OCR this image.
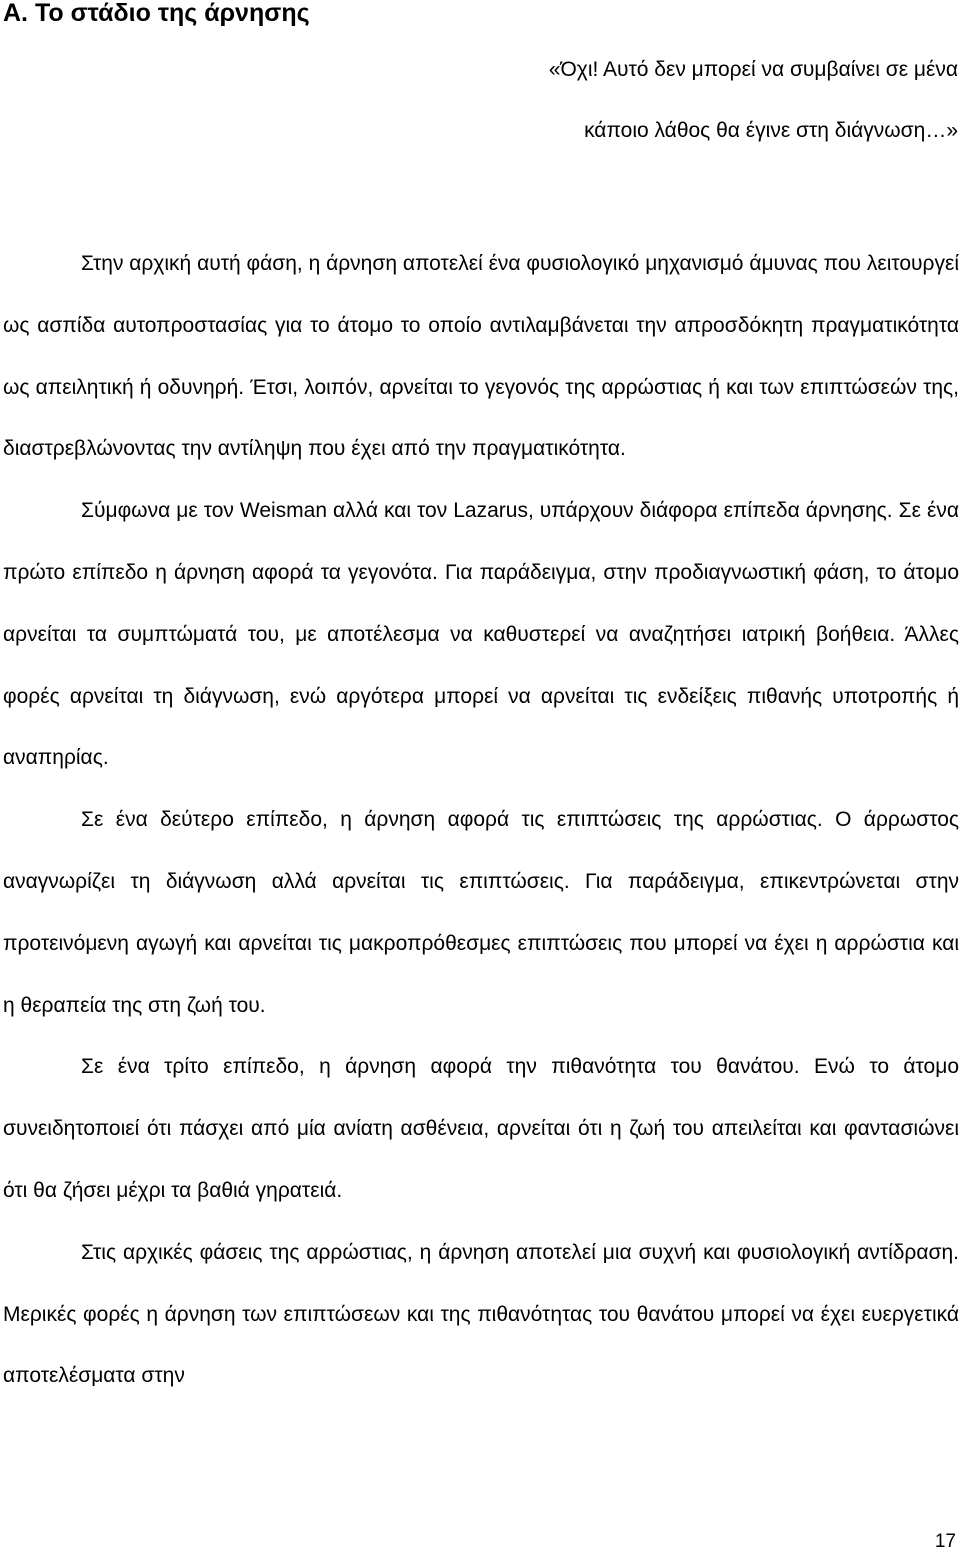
Α. Το στάδιο της άρνησης
«Όχι! Αυτό δεν μπορεί να συμβαίνει σε μένα
κάποιο λάθος θα έγινε στη διάγνωση…»

Στην αρχική αυτή φάση, η άρνηση αποτελεί ένα φυσιολογικό μηχανισμό άμυνας που λειτουργεί ως ασπίδα αυτοπροστασίας για το άτομο το οποίο αντιλαμβάνεται την απροσδόκητη πραγματικότητα ως απειλητική ή οδυνηρή. Έτσι, λοιπόν, αρνείται το γεγονός της αρρώστιας ή και των επιπτώσεών της, διαστρεβλώνοντας την αντίληψη που έχει από την πραγματικότητα.

Σύμφωνα με τον Weisman αλλά και τον Lazarus, υπάρχουν διάφορα επίπεδα άρνησης. Σε ένα πρώτο επίπεδο η άρνηση αφορά τα γεγονότα. Για παράδειγμα, στην προδιαγνωστική φάση, το άτομο αρνείται τα συμπτώματά του, με αποτέλεσμα να καθυστερεί να αναζητήσει ιατρική βοήθεια. Άλλες φορές αρνείται τη διάγνωση, ενώ αργότερα μπορεί να αρνείται τις ενδείξεις πιθανής υποτροπής ή αναπηρίας.

Σε ένα δεύτερο επίπεδο, η άρνηση αφορά τις επιπτώσεις της αρρώστιας. Ο άρρωστος αναγνωρίζει τη διάγνωση αλλά αρνείται τις επιπτώσεις. Για παράδειγμα, επικεντρώνεται στην προτεινόμενη αγωγή και αρνείται τις μακροπρόθεσμες επιπτώσεις που μπορεί να έχει η αρρώστια και η θεραπεία της στη ζωή του.

Σε ένα τρίτο επίπεδο, η άρνηση αφορά την πιθανότητα του θανάτου. Ενώ το άτομο συνειδητοποιεί ότι πάσχει από μία ανίατη ασθένεια, αρνείται ότι η ζωή του απειλείται και φαντασιώνει ότι θα ζήσει μέχρι τα βαθιά γηρατειά.

Στις αρχικές φάσεις της αρρώστιας, η άρνηση αποτελεί μια συχνή και φυσιολογική αντίδραση. Μερικές φορές η άρνηση των επιπτώσεων και της πιθανότητας του θανάτου μπορεί να έχει ευεργετικά αποτελέσματα στην

17
